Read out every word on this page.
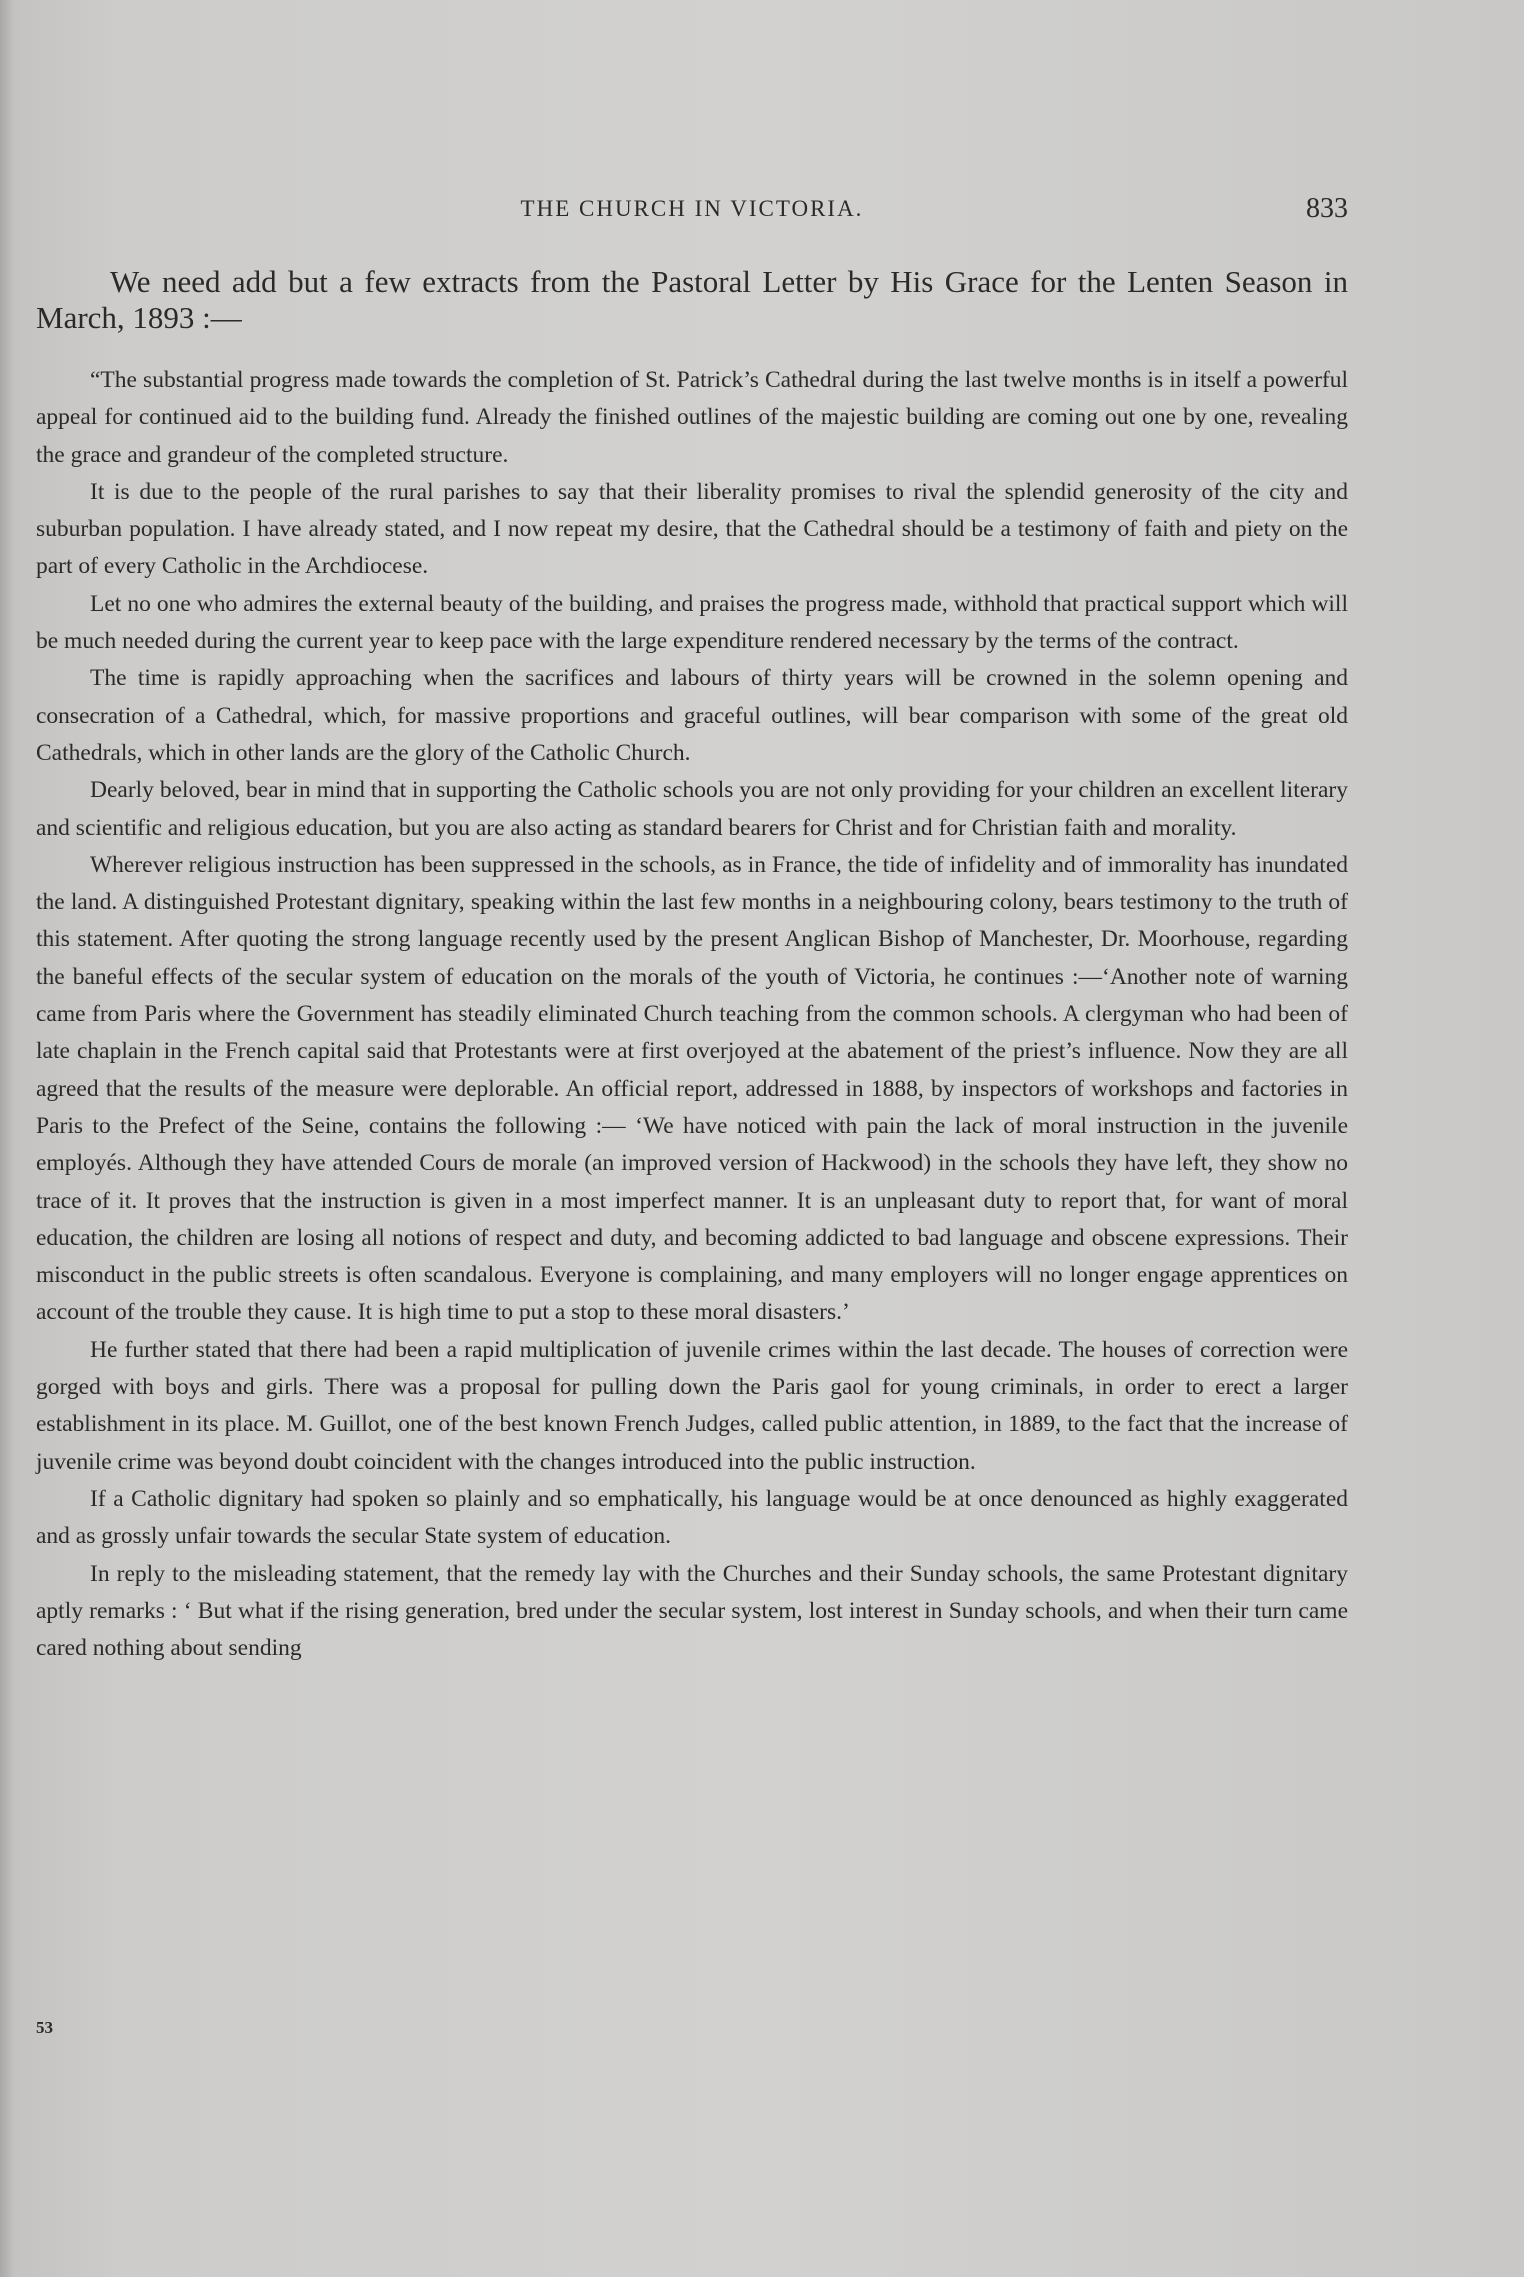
THE CHURCH IN VICTORIA.	833

We need add but a few extracts from the Pastoral Letter by His Grace for the Lenten Season in March, 1893 :—

“The substantial progress made towards the completion of St. Patrick’s Cathedral during the last twelve months is in itself a powerful appeal for continued aid to the building fund. Already the finished outlines of the majestic building are coming out one by one, revealing the grace and grandeur of the completed structure.

It is due to the people of the rural parishes to say that their liberality promises to rival the splendid generosity of the city and suburban population. I have already stated, and I now repeat my desire, that the Cathedral should be a testimony of faith and piety on the part of every Catholic in the Archdiocese.

Let no one who admires the external beauty of the building, and praises the progress made, withhold that practical support which will be much needed during the current year to keep pace with the large expenditure rendered necessary by the terms of the contract.

The time is rapidly approaching when the sacrifices and labours of thirty years will be crowned in the solemn opening and consecration of a Cathedral, which, for massive proportions and graceful outlines, will bear comparison with some of the great old Cathedrals, which in other lands are the glory of the Catholic Church.

Dearly beloved, bear in mind that in supporting the Catholic schools you are not only providing for your children an excellent literary and scientific and religious education, but you are also acting as standard bearers for Christ and for Christian faith and morality.

Wherever religious instruction has been suppressed in the schools, as in France, the tide of infidelity and of immorality has inundated the land. A distinguished Protestant dignitary, speaking within the last few months in a neighbouring colony, bears testimony to the truth of this statement. After quoting the strong language recently used by the present Anglican Bishop of Manchester, Dr. Moorhouse, regarding the baneful effects of the secular system of education on the morals of the youth of Victoria, he continues :—‘Another note of warning came from Paris where the Government has steadily eliminated Church teaching from the common schools. A clergyman who had been of late chaplain in the French capital said that Protestants were at first overjoyed at the abatement of the priest’s influence. Now they are all agreed that the results of the measure were deplorable. An official report, addressed in 1888, by inspectors of workshops and factories in Paris to the Prefect of the Seine, contains the following :— ‘We have noticed with pain the lack of moral instruction in the juvenile employés. Although they have attended Cours de morale (an improved version of Hackwood) in the schools they have left, they show no trace of it. It proves that the instruction is given in a most imperfect manner. It is an unpleasant duty to report that, for want of moral education, the children are losing all notions of respect and duty, and becoming addicted to bad language and obscene expressions. Their misconduct in the public streets is often scandalous. Everyone is complaining, and many employers will no longer engage apprentices on account of the trouble they cause. It is high time to put a stop to these moral disasters.’

He further stated that there had been a rapid multiplication of juvenile crimes within the last decade. The houses of correction were gorged with boys and girls. There was a proposal for pulling down the Paris gaol for young criminals, in order to erect a larger establishment in its place. M. Guillot, one of the best known French Judges, called public attention, in 1889, to the fact that the increase of juvenile crime was beyond doubt coincident with the changes introduced into the public instruction.

If a Catholic dignitary had spoken so plainly and so emphatically, his language would be at once denounced as highly exaggerated and as grossly unfair towards the secular State system of education.

In reply to the misleading statement, that the remedy lay with the Churches and their Sunday schools, the same Protestant dignitary aptly remarks : ‘ But what if the rising generation, bred under the secular system, lost interest in Sunday schools, and when their turn came cared nothing about sending

53
